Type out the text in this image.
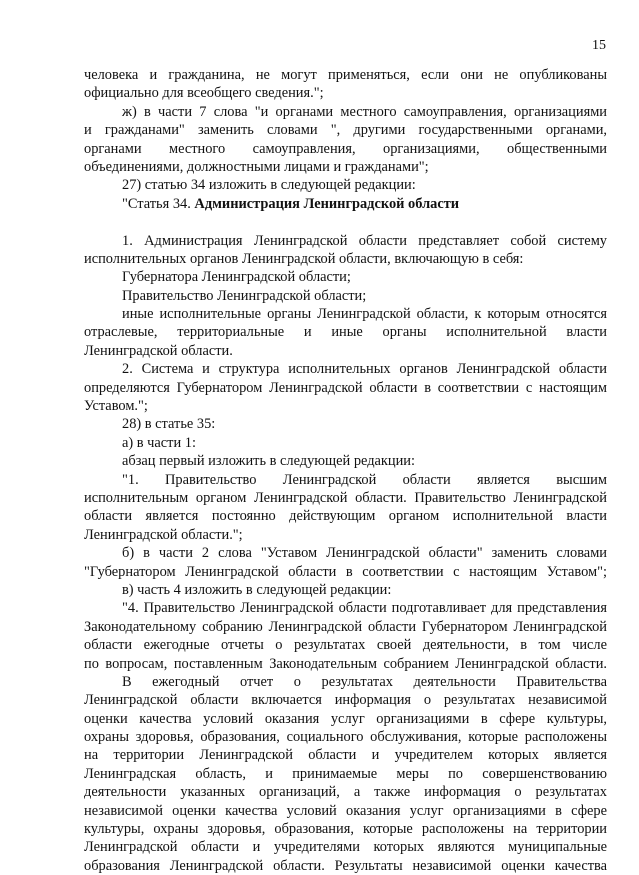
15
человека и гражданина, не могут применяться, если они не опубликованы
официально для всеобщего сведения.";
ж) в части 7 слова "и органами местного самоуправления, организациями
и гражданами" заменить словами ", другими государственными органами,
органами местного самоуправления, организациями, общественными
объединениями, должностными лицами и гражданами";
27) статью 34 изложить в следующей редакции:
"Статья 34. Администрация Ленинградской области
1. Администрация Ленинградской области представляет собой систему
исполнительных органов Ленинградской области, включающую в себя:
Губернатора Ленинградской области;
Правительство Ленинградской области;
иные исполнительные органы Ленинградской области, к которым относятся
отраслевые, территориальные и иные органы исполнительной власти
Ленинградской области.
2. Система и структура исполнительных органов Ленинградской области
определяются Губернатором Ленинградской области в соответствии с настоящим
Уставом.";
28) в статье 35:
а) в части 1:
абзац первый изложить в следующей редакции:
"1. Правительство Ленинградской области является высшим
исполнительным органом Ленинградской области. Правительство Ленинградской
области является постоянно действующим органом исполнительной власти
Ленинградской области.";
б) в части 2 слова "Уставом Ленинградской области" заменить словами
"Губернатором Ленинградской области в соответствии с настоящим Уставом";
в) часть 4 изложить в следующей редакции:
"4. Правительство Ленинградской области подготавливает для представления
Законодательному собранию Ленинградской области Губернатором Ленинградской
области ежегодные отчеты о результатах своей деятельности, в том числе
по вопросам, поставленным Законодательным собранием Ленинградской области.
В ежегодный отчет о результатах деятельности Правительства
Ленинградской области включается информация о результатах независимой
оценки качества условий оказания услуг организациями в сфере культуры,
охраны здоровья, образования, социального обслуживания, которые расположены
на территории Ленинградской области и учредителем которых является
Ленинградская область, и принимаемые меры по совершенствованию
деятельности указанных организаций, а также информация о результатах
независимой оценки качества условий оказания услуг организациями в сфере
культуры, охраны здоровья, образования, которые расположены на территории
Ленинградской области и учредителями которых являются муниципальные
образования Ленинградской области. Результаты независимой оценки качества
